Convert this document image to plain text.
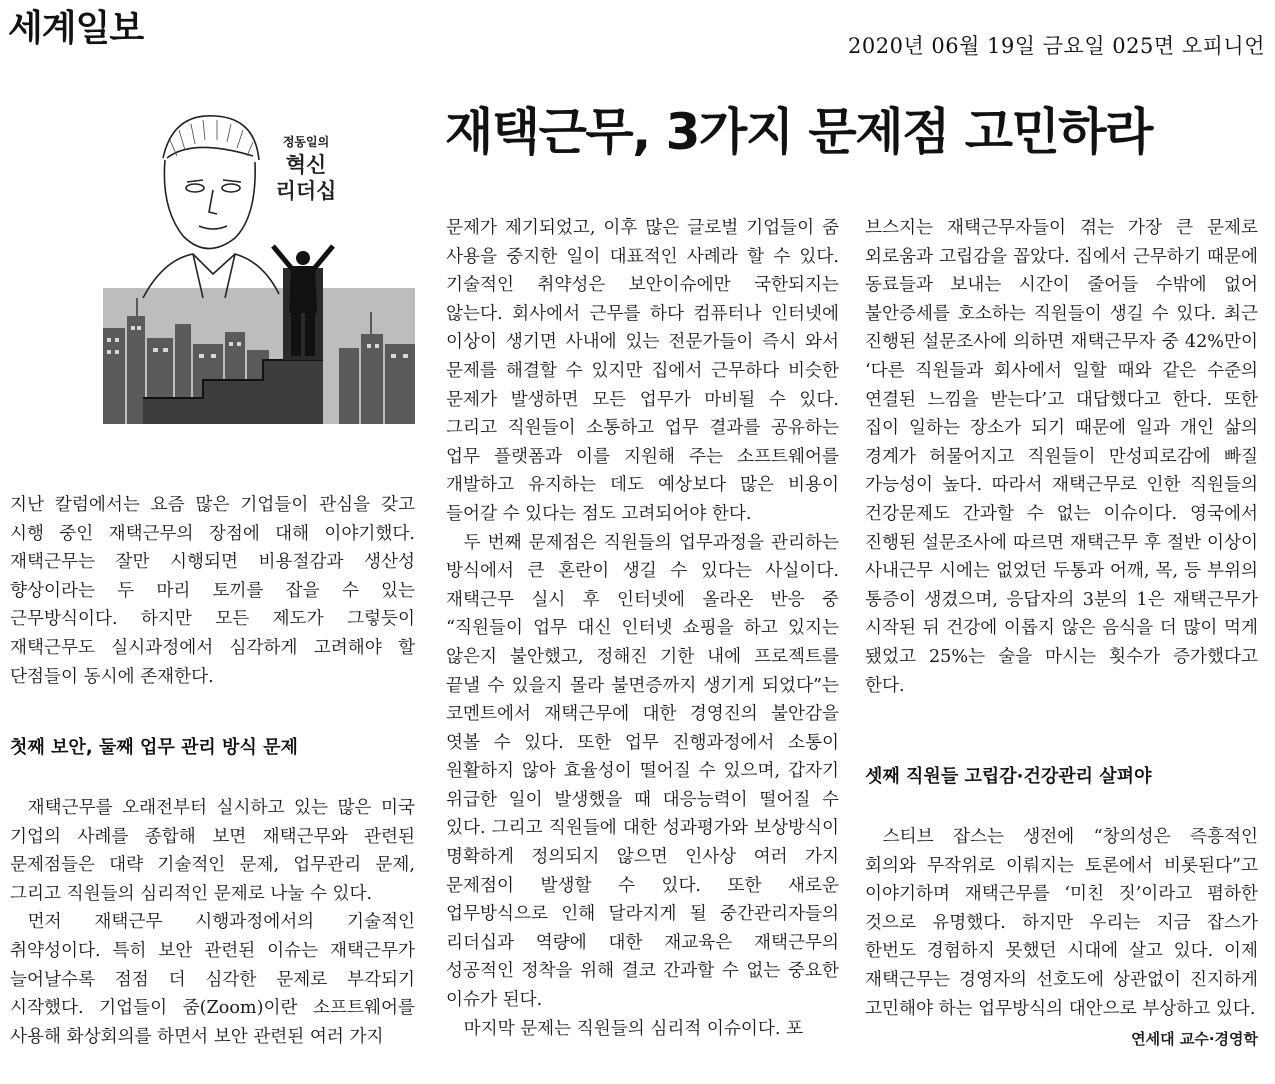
세계일보	2020년 06월 19일 금요일 025면 오피니언
재택근무, 3가지 문제점 고민하라
정동일의
혁신
리더십

지난 칼럼에서는 요즘 많은 기업들이 관심을 갖고 시행 중인 재택근무의 장점에 대해 이야기했다. 재택근무는 잘만 시행되면 비용절감과 생산성 향상이라는 두 마리 토끼를 잡을 수 있는 근무방식이다. 하지만 모든 제도가 그렇듯이 재택근무도 실시과정에서 심각하게 고려해야 할 단점들이 동시에 존재한다.

첫째 보안, 둘째 업무 관리 방식 문제

재택근무를 오래전부터 실시하고 있는 많은 미국 기업의 사례를 종합해 보면 재택근무와 관련된 문제점들은 대략 기술적인 문제, 업무관리 문제, 그리고 직원들의 심리적인 문제로 나눌 수 있다.

먼저 재택근무 시행과정에서의 기술적인 취약성이다. 특히 보안 관련된 이슈는 재택근무가 늘어날수록 점점 더 심각한 문제로 부각되기 시작했다. 기업들이 줌(Zoom)이란 소프트웨어를 사용해 화상회의를 하면서 보안 관련된 여러 가지

문제가 제기되었고, 이후 많은 글로벌 기업들이 줌 사용을 중지한 일이 대표적인 사례라 할 수 있다. 기술적인 취약성은 보안이슈에만 국한되지는 않는다. 회사에서 근무를 하다 컴퓨터나 인터넷에 이상이 생기면 사내에 있는 전문가들이 즉시 와서 문제를 해결할 수 있지만 집에서 근무하다 비슷한 문제가 발생하면 모든 업무가 마비될 수 있다. 그리고 직원들이 소통하고 업무 결과를 공유하는 업무 플랫폼과 이를 지원해 주는 소프트웨어를 개발하고 유지하는 데도 예상보다 많은 비용이 들어갈 수 있다는 점도 고려되어야 한다.

두 번째 문제점은 직원들의 업무과정을 관리하는 방식에서 큰 혼란이 생길 수 있다는 사실이다. 재택근무 실시 후 인터넷에 올라온 반응 중 “직원들이 업무 대신 인터넷 쇼핑을 하고 있지는 않은지 불안했고, 정해진 기한 내에 프로젝트를 끝낼 수 있을지 몰라 불면증까지 생기게 되었다”는 코멘트에서 재택근무에 대한 경영진의 불안감을 엿볼 수 있다. 또한 업무 진행과정에서 소통이 원활하지 않아 효율성이 떨어질 수 있으며, 갑자기 위급한 일이 발생했을 때 대응능력이 떨어질 수 있다. 그리고 직원들에 대한 성과평가와 보상방식이 명확하게 정의되지 않으면 인사상 여러 가지 문제점이 발생할 수 있다. 또한 새로운 업무방식으로 인해 달라지게 될 중간관리자들의 리더십과 역량에 대한 재교육은 재택근무의 성공적인 정착을 위해 결코 간과할 수 없는 중요한 이슈가 된다.

마지막 문제는 직원들의 심리적 이슈이다. 포

브스지는 재택근무자들이 겪는 가장 큰 문제로 외로움과 고립감을 꼽았다. 집에서 근무하기 때문에 동료들과 보내는 시간이 줄어들 수밖에 없어 불안증세를 호소하는 직원들이 생길 수 있다. 최근 진행된 설문조사에 의하면 재택근무자 중 42%만이 ‘다른 직원들과 회사에서 일할 때와 같은 수준의 연결된 느낌을 받는다’고 대답했다고 한다. 또한 집이 일하는 장소가 되기 때문에 일과 개인 삶의 경계가 허물어지고 직원들이 만성피로감에 빠질 가능성이 높다. 따라서 재택근무로 인한 직원들의 건강문제도 간과할 수 없는 이슈이다. 영국에서 진행된 설문조사에 따르면 재택근무 후 절반 이상이 사내근무 시에는 없었던 두통과 어깨, 목, 등 부위의 통증이 생겼으며, 응답자의 3분의 1은 재택근무가 시작된 뒤 건강에 이롭지 않은 음식을 더 많이 먹게 됐었고 25%는 술을 마시는 횟수가 증가했다고 한다.

셋째 직원들 고립감·건강관리 살펴야

스티브 잡스는 생전에 “창의성은 즉흥적인 회의와 무작위로 이뤄지는 토론에서 비롯된다”고 이야기하며 재택근무를 ‘미친 짓’이라고 폄하한 것으로 유명했다. 하지만 우리는 지금 잡스가 한번도 경험하지 못했던 시대에 살고 있다. 이제 재택근무는 경영자의 선호도에 상관없이 진지하게 고민해야 하는 업무방식의 대안으로 부상하고 있다.
연세대 교수·경영학
